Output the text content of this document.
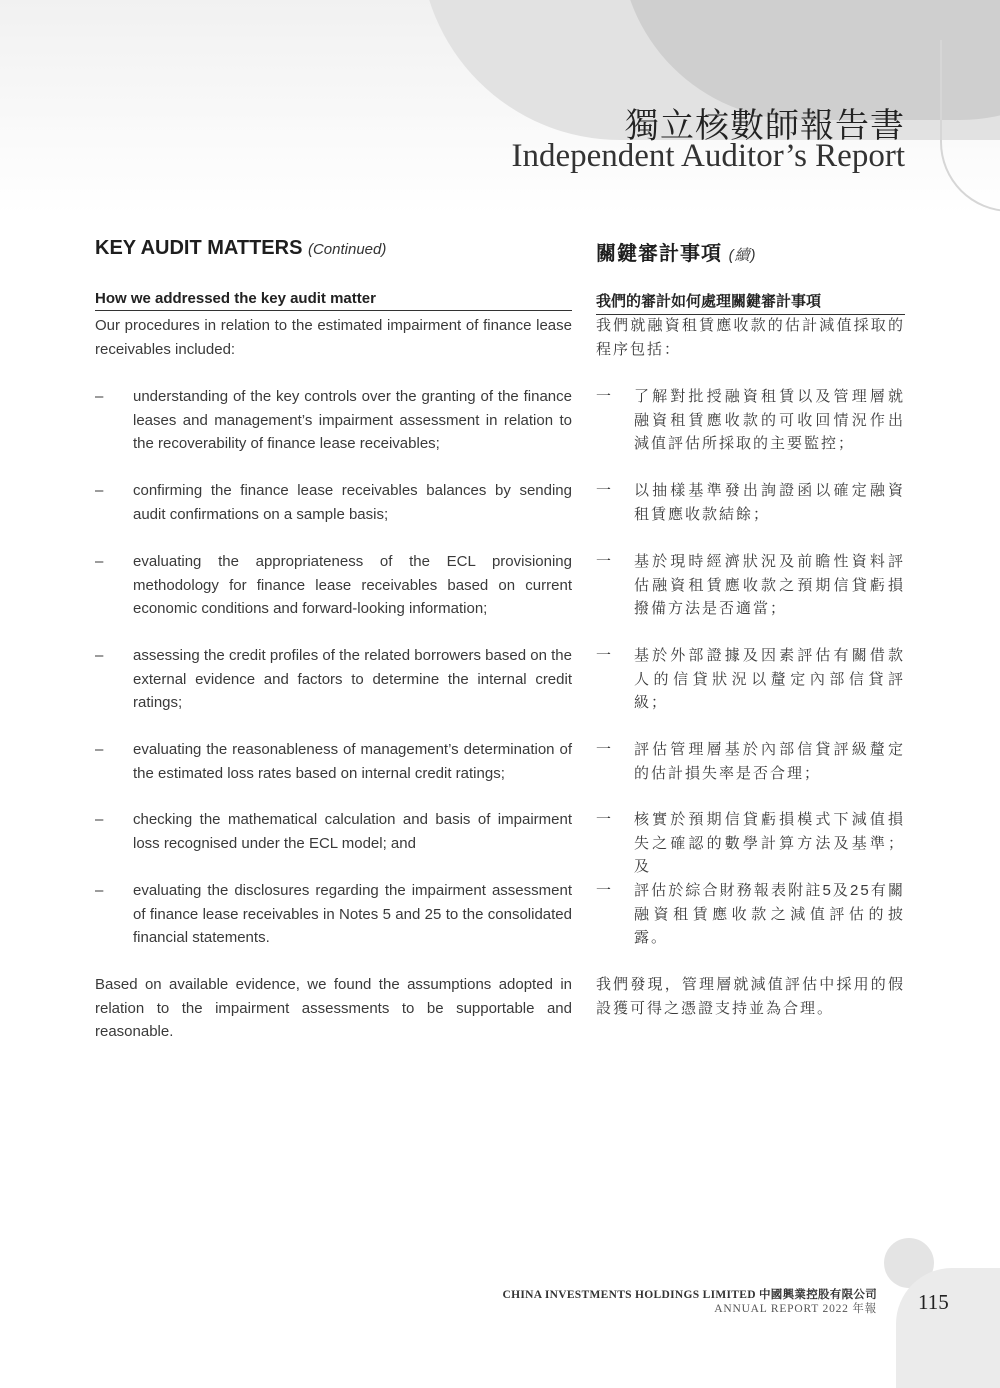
獨立核數師報告書
Independent Auditor’s Report
KEY AUDIT MATTERS (Continued)	關鍵審計事項 (續)
How we addressed the key audit matter	我們的審計如何處理關鍵審計事項
Our procedures in relation to the estimated impairment of finance lease receivables included:
我們就融資租賃應收款的估計減值採取的程序包括：
–	understanding of the key controls over the granting of the finance leases and management’s impairment assessment in relation to the recoverability of finance lease receivables;
一	了解對批授融資租賃以及管理層就融資租賃應收款的可收回情況作出減值評估所採取的主要監控；
–	confirming the finance lease receivables balances by sending audit confirmations on a sample basis;
一	以抽樣基準發出詢證函以確定融資租賃應收款結餘；
–	evaluating the appropriateness of the ECL provisioning methodology for finance lease receivables based on current economic conditions and forward-looking information;
一	基於現時經濟狀況及前瞻性資料評估融資租賃應收款之預期信貸虧損撥備方法是否適當；
–	assessing the credit profiles of the related borrowers based on the external evidence and factors to determine the internal credit ratings;
一	基於外部證據及因素評估有關借款人的信貸狀況以釐定內部信貸評級；
–	evaluating the reasonableness of management’s determination of the estimated loss rates based on internal credit ratings;
一	評估管理層基於內部信貸評級釐定的估計損失率是否合理；
–	checking the mathematical calculation and basis of impairment loss recognised under the ECL model; and
一	核實於預期信貸虧損模式下減值損失之確認的數學計算方法及基準；及
–	evaluating the disclosures regarding the impairment assessment of finance lease receivables in Notes 5 and 25 to the consolidated financial statements.
一	評估於綜合財務報表附註5及25有關融資租賃應收款之減值評估的披露。
Based on available evidence, we found the assumptions adopted in relation to the impairment assessments to be supportable and reasonable.
我們發現，管理層就減值評估中採用的假設獲可得之憑證支持並為合理。
CHINA INVESTMENTS HOLDINGS LIMITED 中國興業控股有限公司
ANNUAL REPORT 2022 年報 115
